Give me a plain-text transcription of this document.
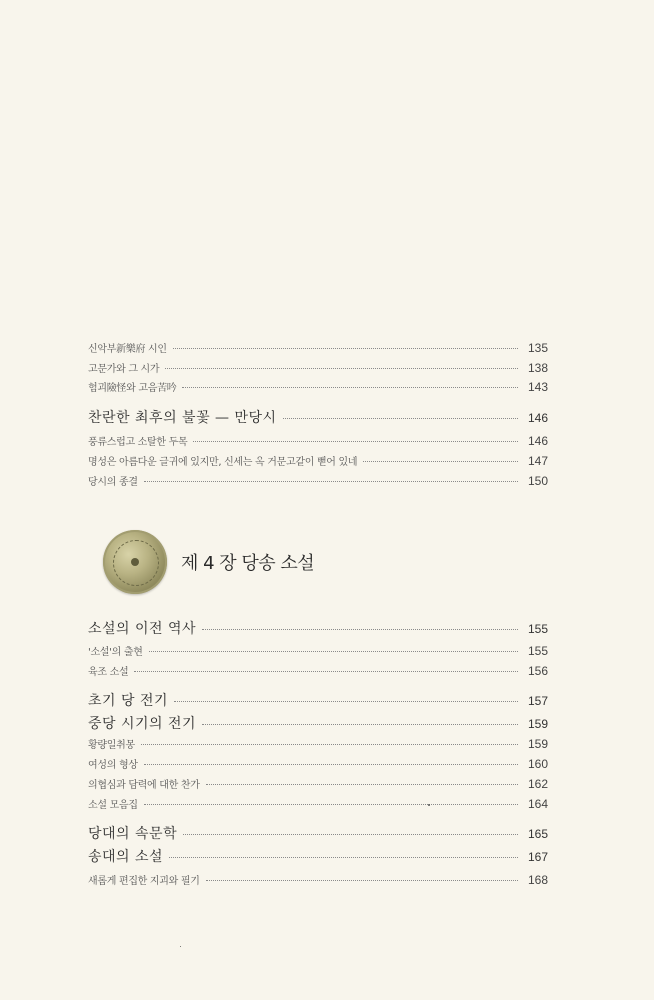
신악부新樂府 시인	135
고문가와 그 시가	138
험괴險怪와 고음苦吟	143
찬란한 최후의 불꽃 — 만당시	146
풍류스럽고 소탈한 두목	146
명성은 아름다운 글귀에 있지만, 신세는 옥 거문고같이 뻗어 있네	147
당시의 종결	150
제 4 장 당송 소설
소설의 이전 역사	155
'소설'의 출현	155
육조 소설	156
초기 당 전기	157
중당 시기의 전기	159
황량일취몽	159
여성의 형상	160
의협심과 담력에 대한 찬가	162
소설 모음집	164
당대의 속문학	165
송대의 소설	167
새롭게 편집한 지괴와 필기	168
